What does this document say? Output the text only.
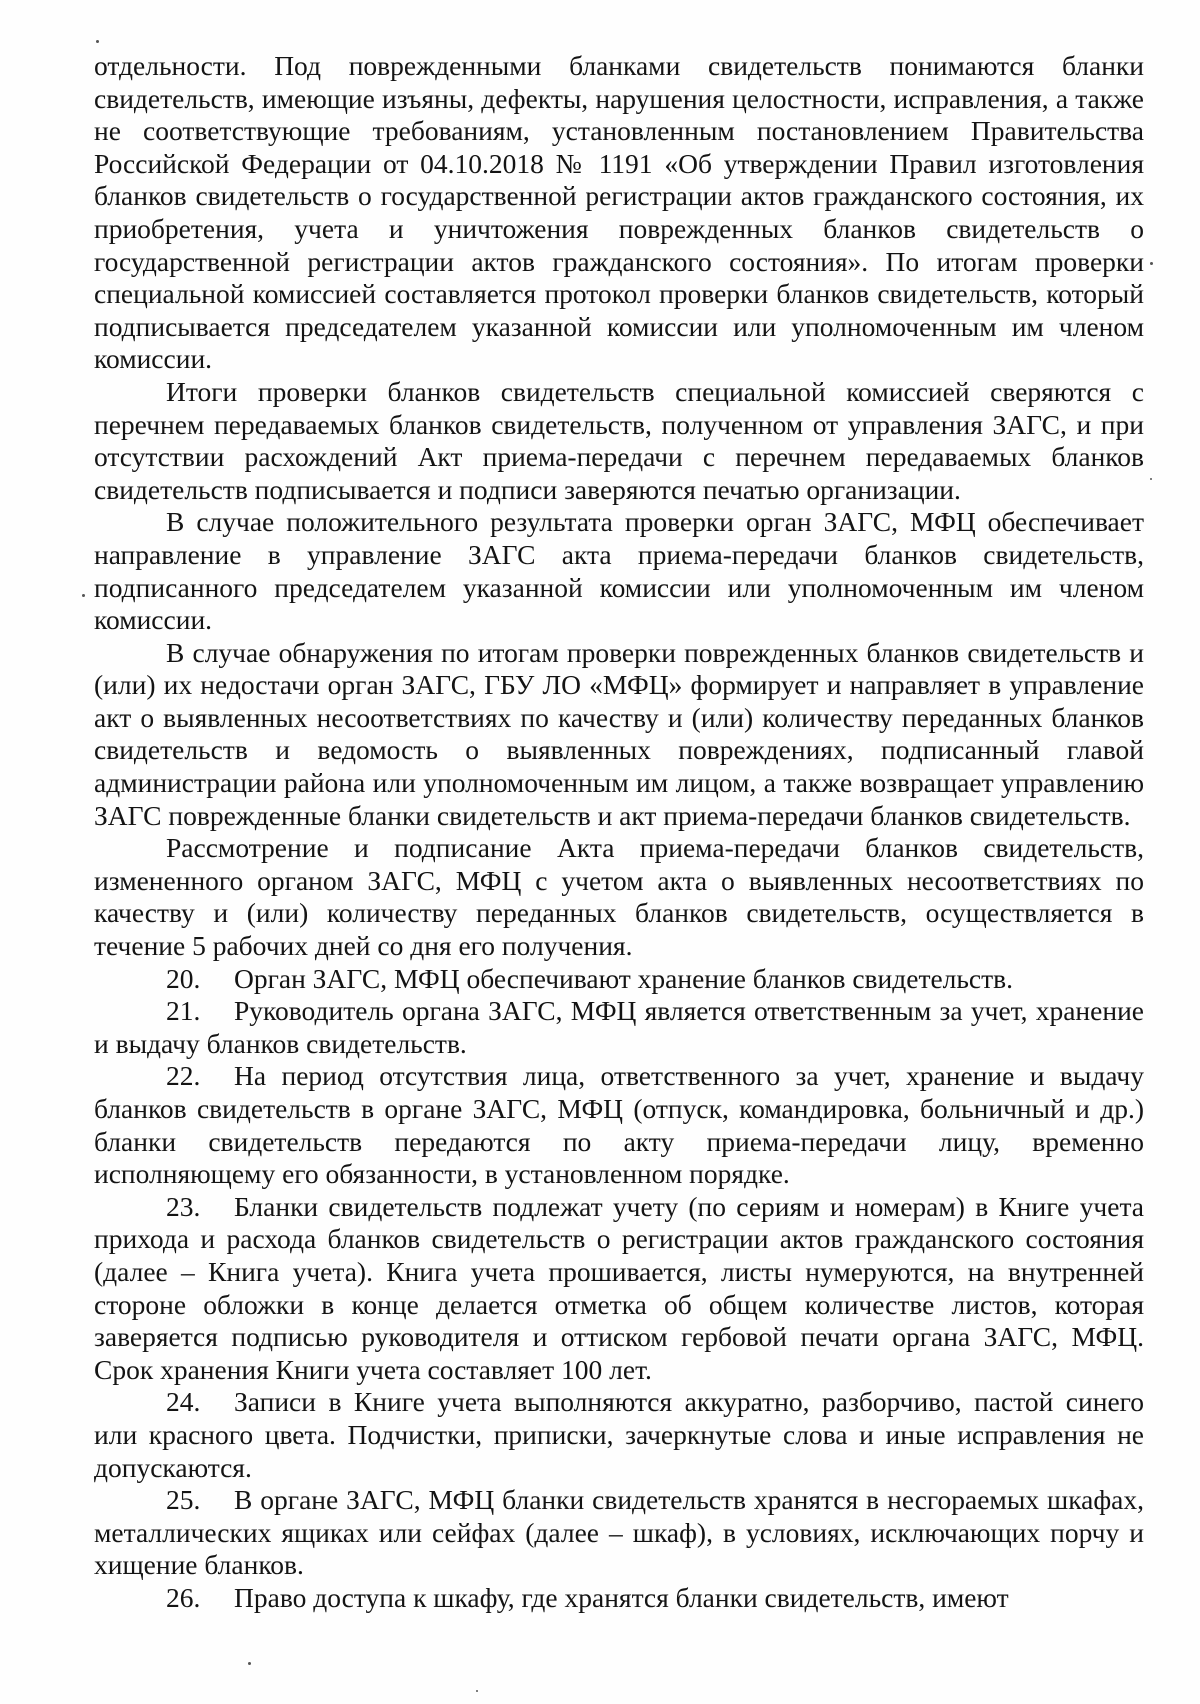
отдельности. Под поврежденными бланками свидетельств понимаются бланки свидетельств, имеющие изъяны, дефекты, нарушения целостности, исправления, а также не соответствующие требованиям, установленным постановлением Правительства Российской Федерации от 04.10.2018 № 1191 «Об утверждении Правил изготовления бланков свидетельств о государственной регистрации актов гражданского состояния, их приобретения, учета и уничтожения поврежденных бланков свидетельств о государственной регистрации актов гражданского состояния». По итогам проверки специальной комиссией составляется протокол проверки бланков свидетельств, который подписывается председателем указанной комиссии или уполномоченным им членом комиссии.

Итоги проверки бланков свидетельств специальной комиссией сверяются с перечнем передаваемых бланков свидетельств, полученном от управления ЗАГС, и при отсутствии расхождений Акт приема-передачи с перечнем передаваемых бланков свидетельств подписывается и подписи заверяются печатью организации.

В случае положительного результата проверки орган ЗАГС, МФЦ обеспечивает направление в управление ЗАГС акта приема-передачи бланков свидетельств, подписанного председателем указанной комиссии или уполномоченным им членом комиссии.

В случае обнаружения по итогам проверки поврежденных бланков свидетельств и (или) их недостачи орган ЗАГС, ГБУ ЛО «МФЦ» формирует и направляет в управление акт о выявленных несоответствиях по качеству и (или) количеству переданных бланков свидетельств и ведомость о выявленных повреждениях, подписанный главой администрации района или уполномоченным им лицом, а также возвращает управлению ЗАГС поврежденные бланки свидетельств и акт приема-передачи бланков свидетельств.

Рассмотрение и подписание Акта приема-передачи бланков свидетельств, измененного органом ЗАГС, МФЦ с учетом акта о выявленных несоответствиях по качеству и (или) количеству переданных бланков свидетельств, осуществляется в течение 5 рабочих дней со дня его получения.

20. Орган ЗАГС, МФЦ обеспечивают хранение бланков свидетельств.

21. Руководитель органа ЗАГС, МФЦ является ответственным за учет, хранение и выдачу бланков свидетельств.

22. На период отсутствия лица, ответственного за учет, хранение и выдачу бланков свидетельств в органе ЗАГС, МФЦ (отпуск, командировка, больничный и др.) бланки свидетельств передаются по акту приема-передачи лицу, временно исполняющему его обязанности, в установленном порядке.

23. Бланки свидетельств подлежат учету (по сериям и номерам) в Книге учета прихода и расхода бланков свидетельств о регистрации актов гражданского состояния (далее – Книга учета). Книга учета прошивается, листы нумеруются, на внутренней стороне обложки в конце делается отметка об общем количестве листов, которая заверяется подписью руководителя и оттиском гербовой печати органа ЗАГС, МФЦ. Срок хранения Книги учета составляет 100 лет.

24. Записи в Книге учета выполняются аккуратно, разборчиво, пастой синего или красного цвета. Подчистки, приписки, зачеркнутые слова и иные исправления не допускаются.

25. В органе ЗАГС, МФЦ бланки свидетельств хранятся в несгораемых шкафах, металлических ящиках или сейфах (далее – шкаф), в условиях, исключающих порчу и хищение бланков.

26. Право доступа к шкафу, где хранятся бланки свидетельств, имеют
